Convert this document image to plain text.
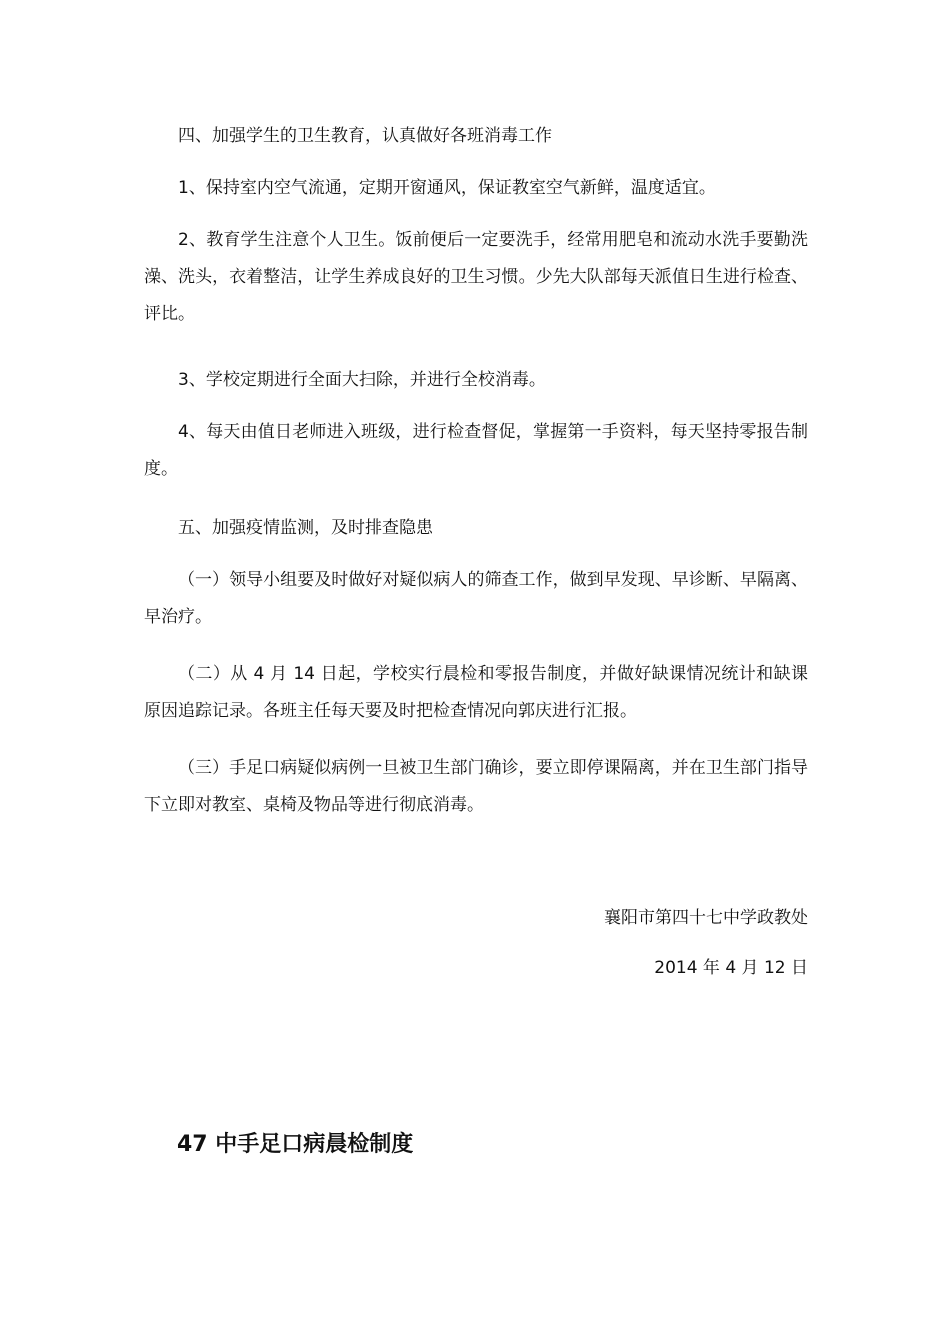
四、加强学生的卫生教育，认真做好各班消毒工作

1、保持室内空气流通，定期开窗通风，保证教室空气新鲜，温度适宜。

2、教育学生注意个人卫生。饭前便后一定要洗手，经常用肥皂和流动水洗手要勤洗澡、洗头，衣着整洁，让学生养成良好的卫生习惯。少先大队部每天派值日生进行检查、评比。

3、学校定期进行全面大扫除，并进行全校消毒。

4、每天由值日老师进入班级，进行检查督促，掌握第一手资料，每天坚持零报告制度。

五、加强疫情监测，及时排查隐患

（一）领导小组要及时做好对疑似病人的筛查工作，做到早发现、早诊断、早隔离、早治疗。

（二）从 4 月 14 日起，学校实行晨检和零报告制度，并做好缺课情况统计和缺课原因追踪记录。各班主任每天要及时把检查情况向郭庆进行汇报。

（三）手足口病疑似病例一旦被卫生部门确诊，要立即停课隔离，并在卫生部门指导下立即对教室、桌椅及物品等进行彻底消毒。

襄阳市第四十七中学政教处

2014 年 4 月 12 日

47 中手足口病晨检制度
